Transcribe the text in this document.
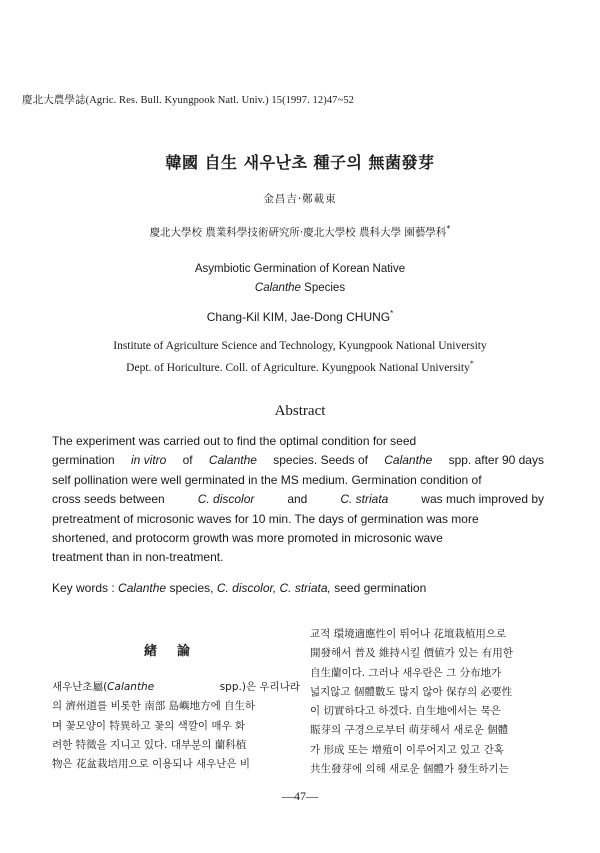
慶北大農學誌(Agric. Res. Bull. Kyungpook Natl. Univ.) 15(1997. 12)47~52
韓國 自生 새우난초 種子의 無菌發芽
金昌吉·鄭載東
慶北大學校 農業科學技術硏究所·慶北大學校 農科大學 園藝學科*
Asymbiotic Germination of Korean Native
Calanthe Species
Chang-Kil KIM, Jae-Dong CHUNG*
Institute of Agriculture Science and Technology, Kyungpook National University
Dept. of Horiculture. Coll. of Agriculture. Kyungpook National University*
Abstract
The experiment was carried out to find the optimal condition for seed
germination in vitro of Calanthe species. Seeds of Calanthe spp. after 90 days
self pollination were well germinated in the MS medium. Germination condition of
cross seeds between	C. discolor	and	C. striata	was much improved by
pretreatment of microsonic waves for 10 min. The days of germination was more
shortened, and protocorm growth was more promoted in microsonic wave
treatment than in non-treatment.
Key words : Calanthe species, C. discolor, C. striata, seed germination
緖論
새우난초屬(Calanthe	spp.)은 우리나라
의 濟州道를 비롯한 南部 島嶼地方에 自生하
며 꽃모양이 特異하고 꽃의 색깔이 매우 화
려한 特徵을 지니고 있다. 대부분의 蘭科植
物은 花盆栽培用으로 이용되나 새우난은 비
교적 環境適應性이 뛰어나 花壇栽植用으로
開發해서 普及 維持시킬 價値가 있는 有用한
自生蘭이다. 그러나 새우란은 그 分布地가
넓지않고 個體數도 많지 않아 保存의 必要性
이 切實하다고 하겠다. 自生地에서는 묵은
賑芽의 구경으로부터 萌芽해서 새로운 個體
가 形成 또는 增殖이 이루어지고 있고 간혹
共生發芽에 의해 새로운 個體가 發生하기는
—47—
